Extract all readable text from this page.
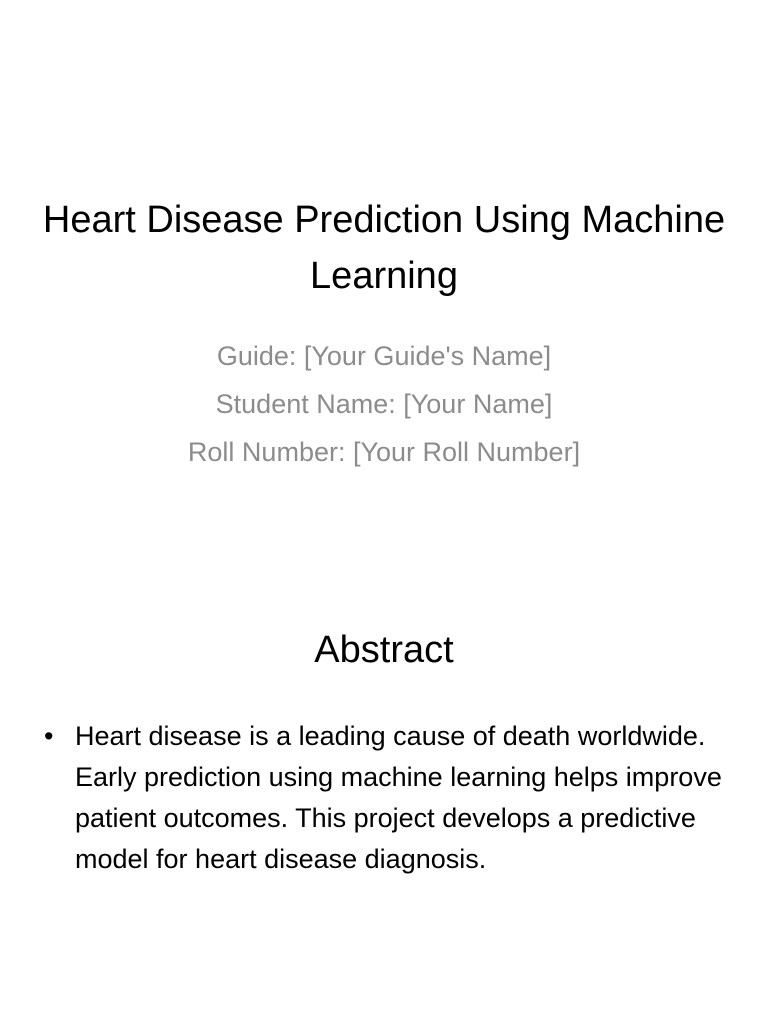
Heart Disease Prediction Using Machine Learning
Guide: [Your Guide's Name]
Student Name: [Your Name]
Roll Number: [Your Roll Number]
Abstract
• Heart disease is a leading cause of death worldwide. Early prediction using machine learning helps improve patient outcomes. This project develops a predictive model for heart disease diagnosis.
